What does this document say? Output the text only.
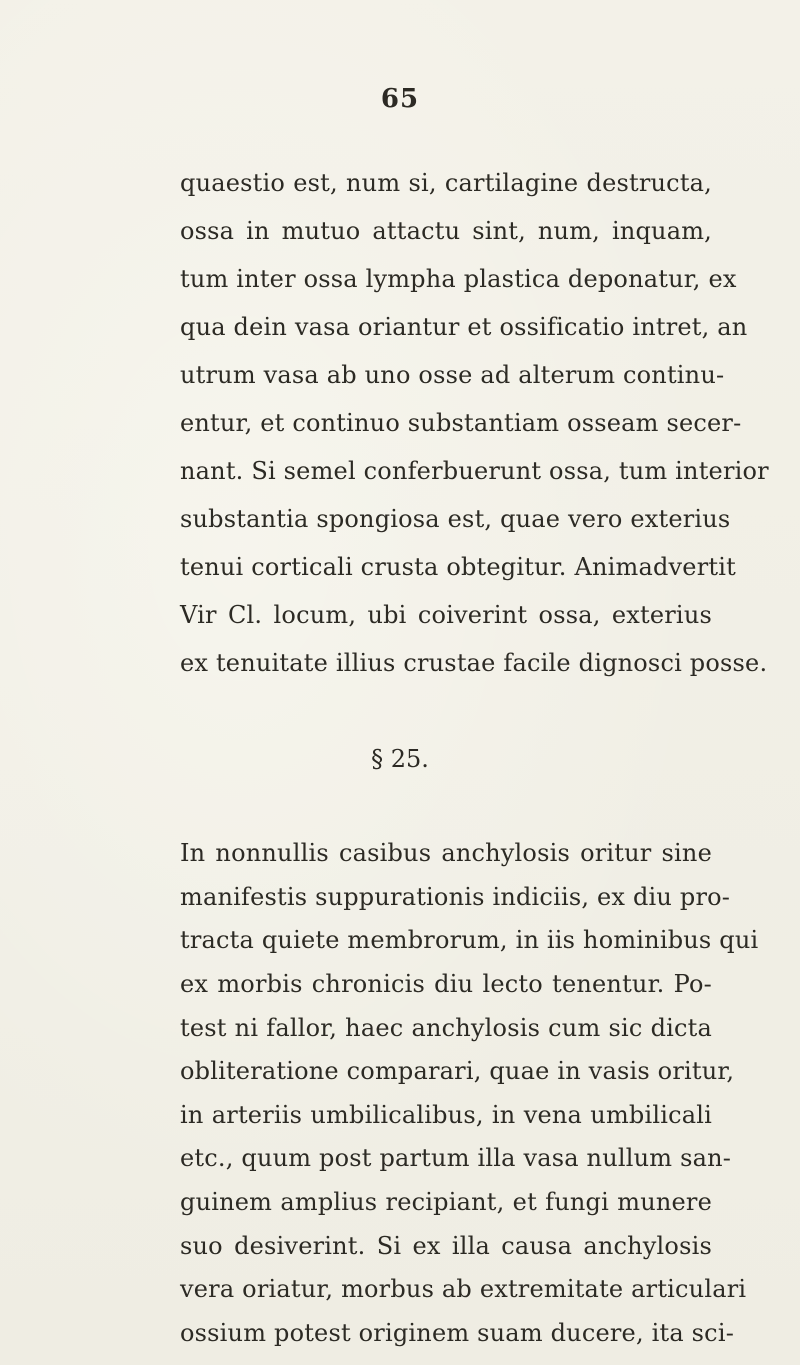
65
quaestio est, num si, cartilagine destructa,
ossa in mutuo attactu sint, num, inquam,
tum inter ossa lympha plastica deponatur, ex
qua dein vasa oriantur et ossificatio intret, an
utrum vasa ab uno osse ad alterum continu-
entur, et continuo substantiam osseam secer-
nant. Si semel conferbuerunt ossa, tum interior
substantia spongiosa est, quae vero exterius
tenui corticali crusta obtegitur. Animadvertit
Vir Cl. locum, ubi coiverint ossa, exterius
ex tenuitate illius crustae facile dignosci posse.
§ 25.
In nonnullis casibus anchylosis oritur sine
manifestis suppurationis indiciis, ex diu pro-
tracta quiete membrorum, in iis hominibus qui
ex morbis chronicis diu lecto tenentur. Po-
test ni fallor, haec anchylosis cum sic dicta
obliteratione comparari, quae in vasis oritur,
in arteriis umbilicalibus, in vena umbilicali
etc., quum post partum illa vasa nullum san-
guinem amplius recipiant, et fungi munere
suo desiverint. Si ex illa causa anchylosis
vera oriatur, morbus ab extremitate articulari
ossium potest originem suam ducere, ita sci-
